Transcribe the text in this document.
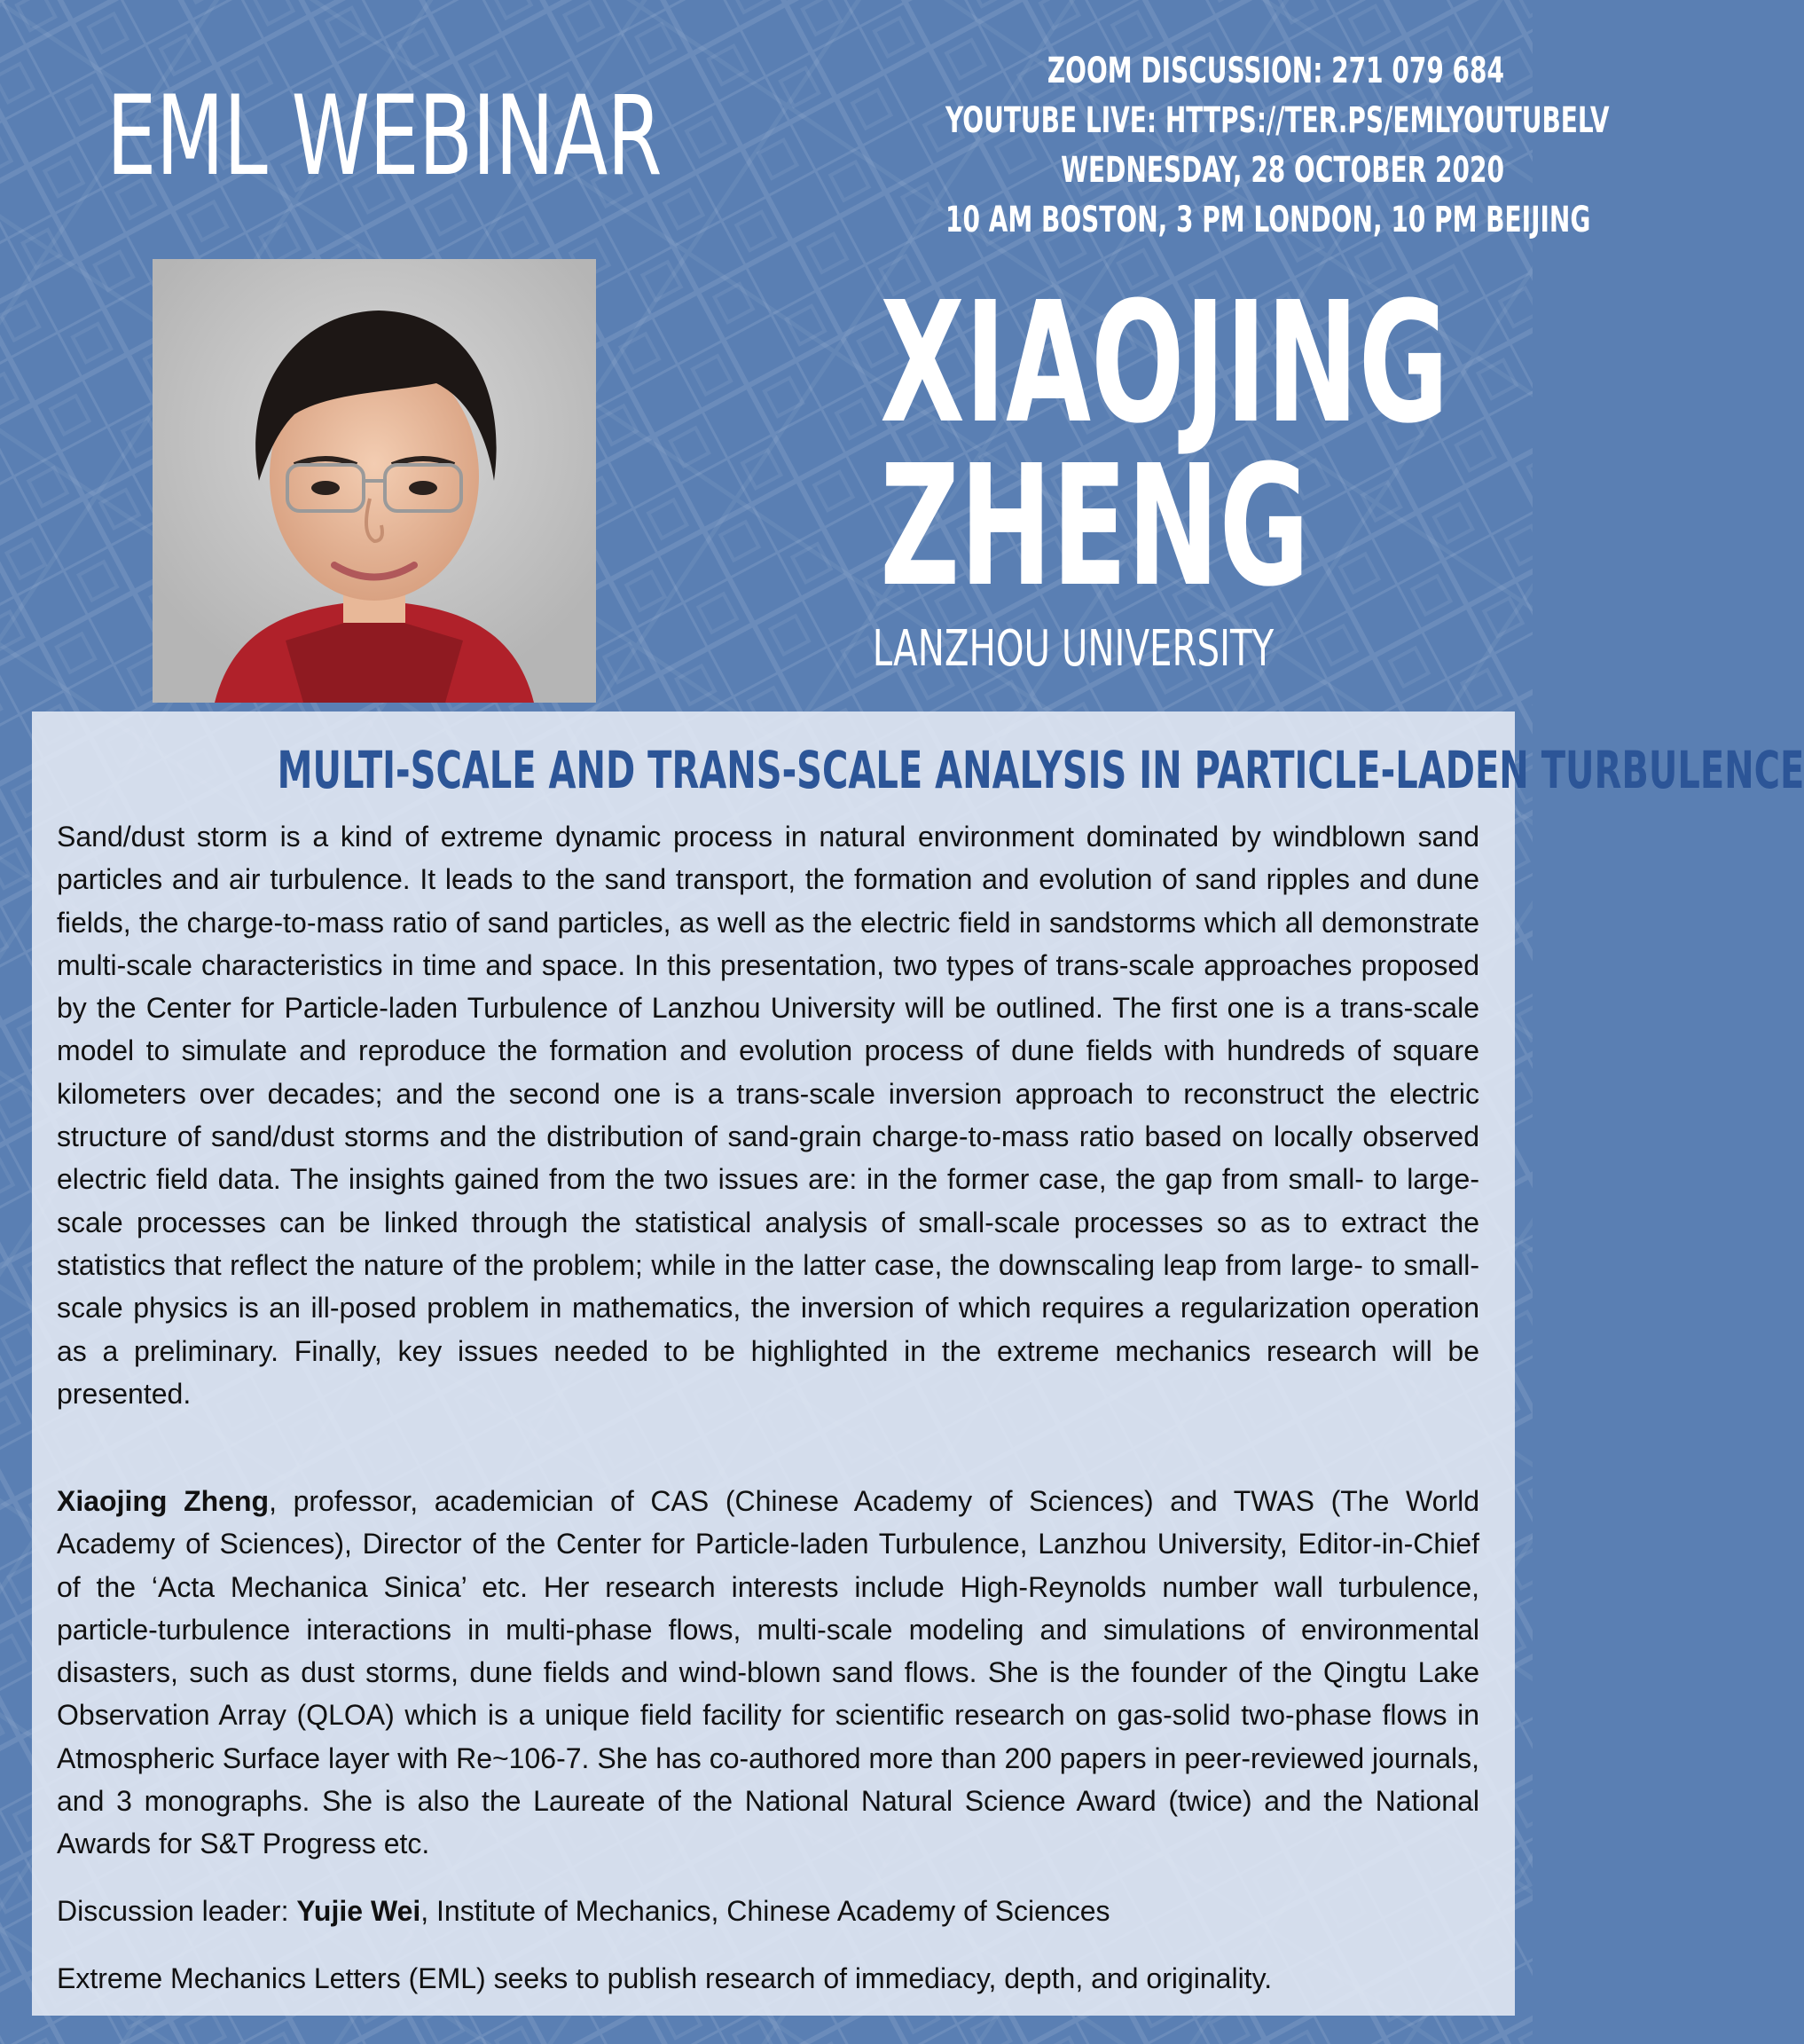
EML WEBINAR
ZOOM DISCUSSION: 271 079 684
YOUTUBE LIVE: HTTPS://TER.PS/EMLYOUTUBELV
WEDNESDAY, 28 OCTOBER 2020
10 AM BOSTON, 3 PM LONDON, 10 PM BEIJING
XIAOJING
ZHENG
LANZHOU UNIVERSITY
MULTI-SCALE AND TRANS-SCALE ANALYSIS IN PARTICLE-LADEN TURBULENCE
Sand/dust storm is a kind of extreme dynamic process in natural environment dominated by windblown sand particles and air turbulence. It leads to the sand transport, the formation and evolution of sand ripples and dune fields, the charge-to-mass ratio of sand particles, as well as the electric field in sandstorms which all demonstrate multi-scale characteristics in time and space. In this presentation, two types of trans-scale approaches proposed by the Center for Particle-laden Turbulence of Lanzhou University will be outlined. The first one is a trans-scale model to simulate and reproduce the formation and evolution process of dune fields with hundreds of square kilometers over decades; and the second one is a trans-scale inversion approach to reconstruct the electric structure of sand/dust storms and the distribution of sand-grain charge-to-mass ratio based on locally observed electric field data. The insights gained from the two issues are: in the former case, the gap from small- to large-scale processes can be linked through the statistical analysis of small-scale processes so as to extract the statistics that reflect the nature of the problem; while in the latter case, the downscaling leap from large- to small-scale physics is an ill-posed problem in mathematics, the inversion of which requires a regularization operation as a preliminary. Finally, key issues needed to be highlighted in the extreme mechanics research will be presented.
Xiaojing Zheng, professor, academician of CAS (Chinese Academy of Sciences) and TWAS (The World Academy of Sciences), Director of the Center for Particle-laden Turbulence, Lanzhou University, Editor-in-Chief of the ‘Acta Mechanica Sinica’ etc. Her research interests include High-Reynolds number wall turbulence, particle-turbulence interactions in multi-phase flows, multi-scale modeling and simulations of environmental disasters, such as dust storms, dune fields and wind-blown sand flows. She is the founder of the Qingtu Lake Observation Array (QLOA) which is a unique field facility for scientific research on gas-solid two-phase flows in Atmospheric Surface layer with Re~106-7. She has co-authored more than 200 papers in peer-reviewed journals, and 3 monographs. She is also the Laureate of the National Natural Science Award (twice) and the National Awards for S&T Progress etc.
Discussion leader: Yujie Wei, Institute of Mechanics, Chinese Academy of Sciences
Extreme Mechanics Letters (EML) seeks to publish research of immediacy, depth, and originality.
